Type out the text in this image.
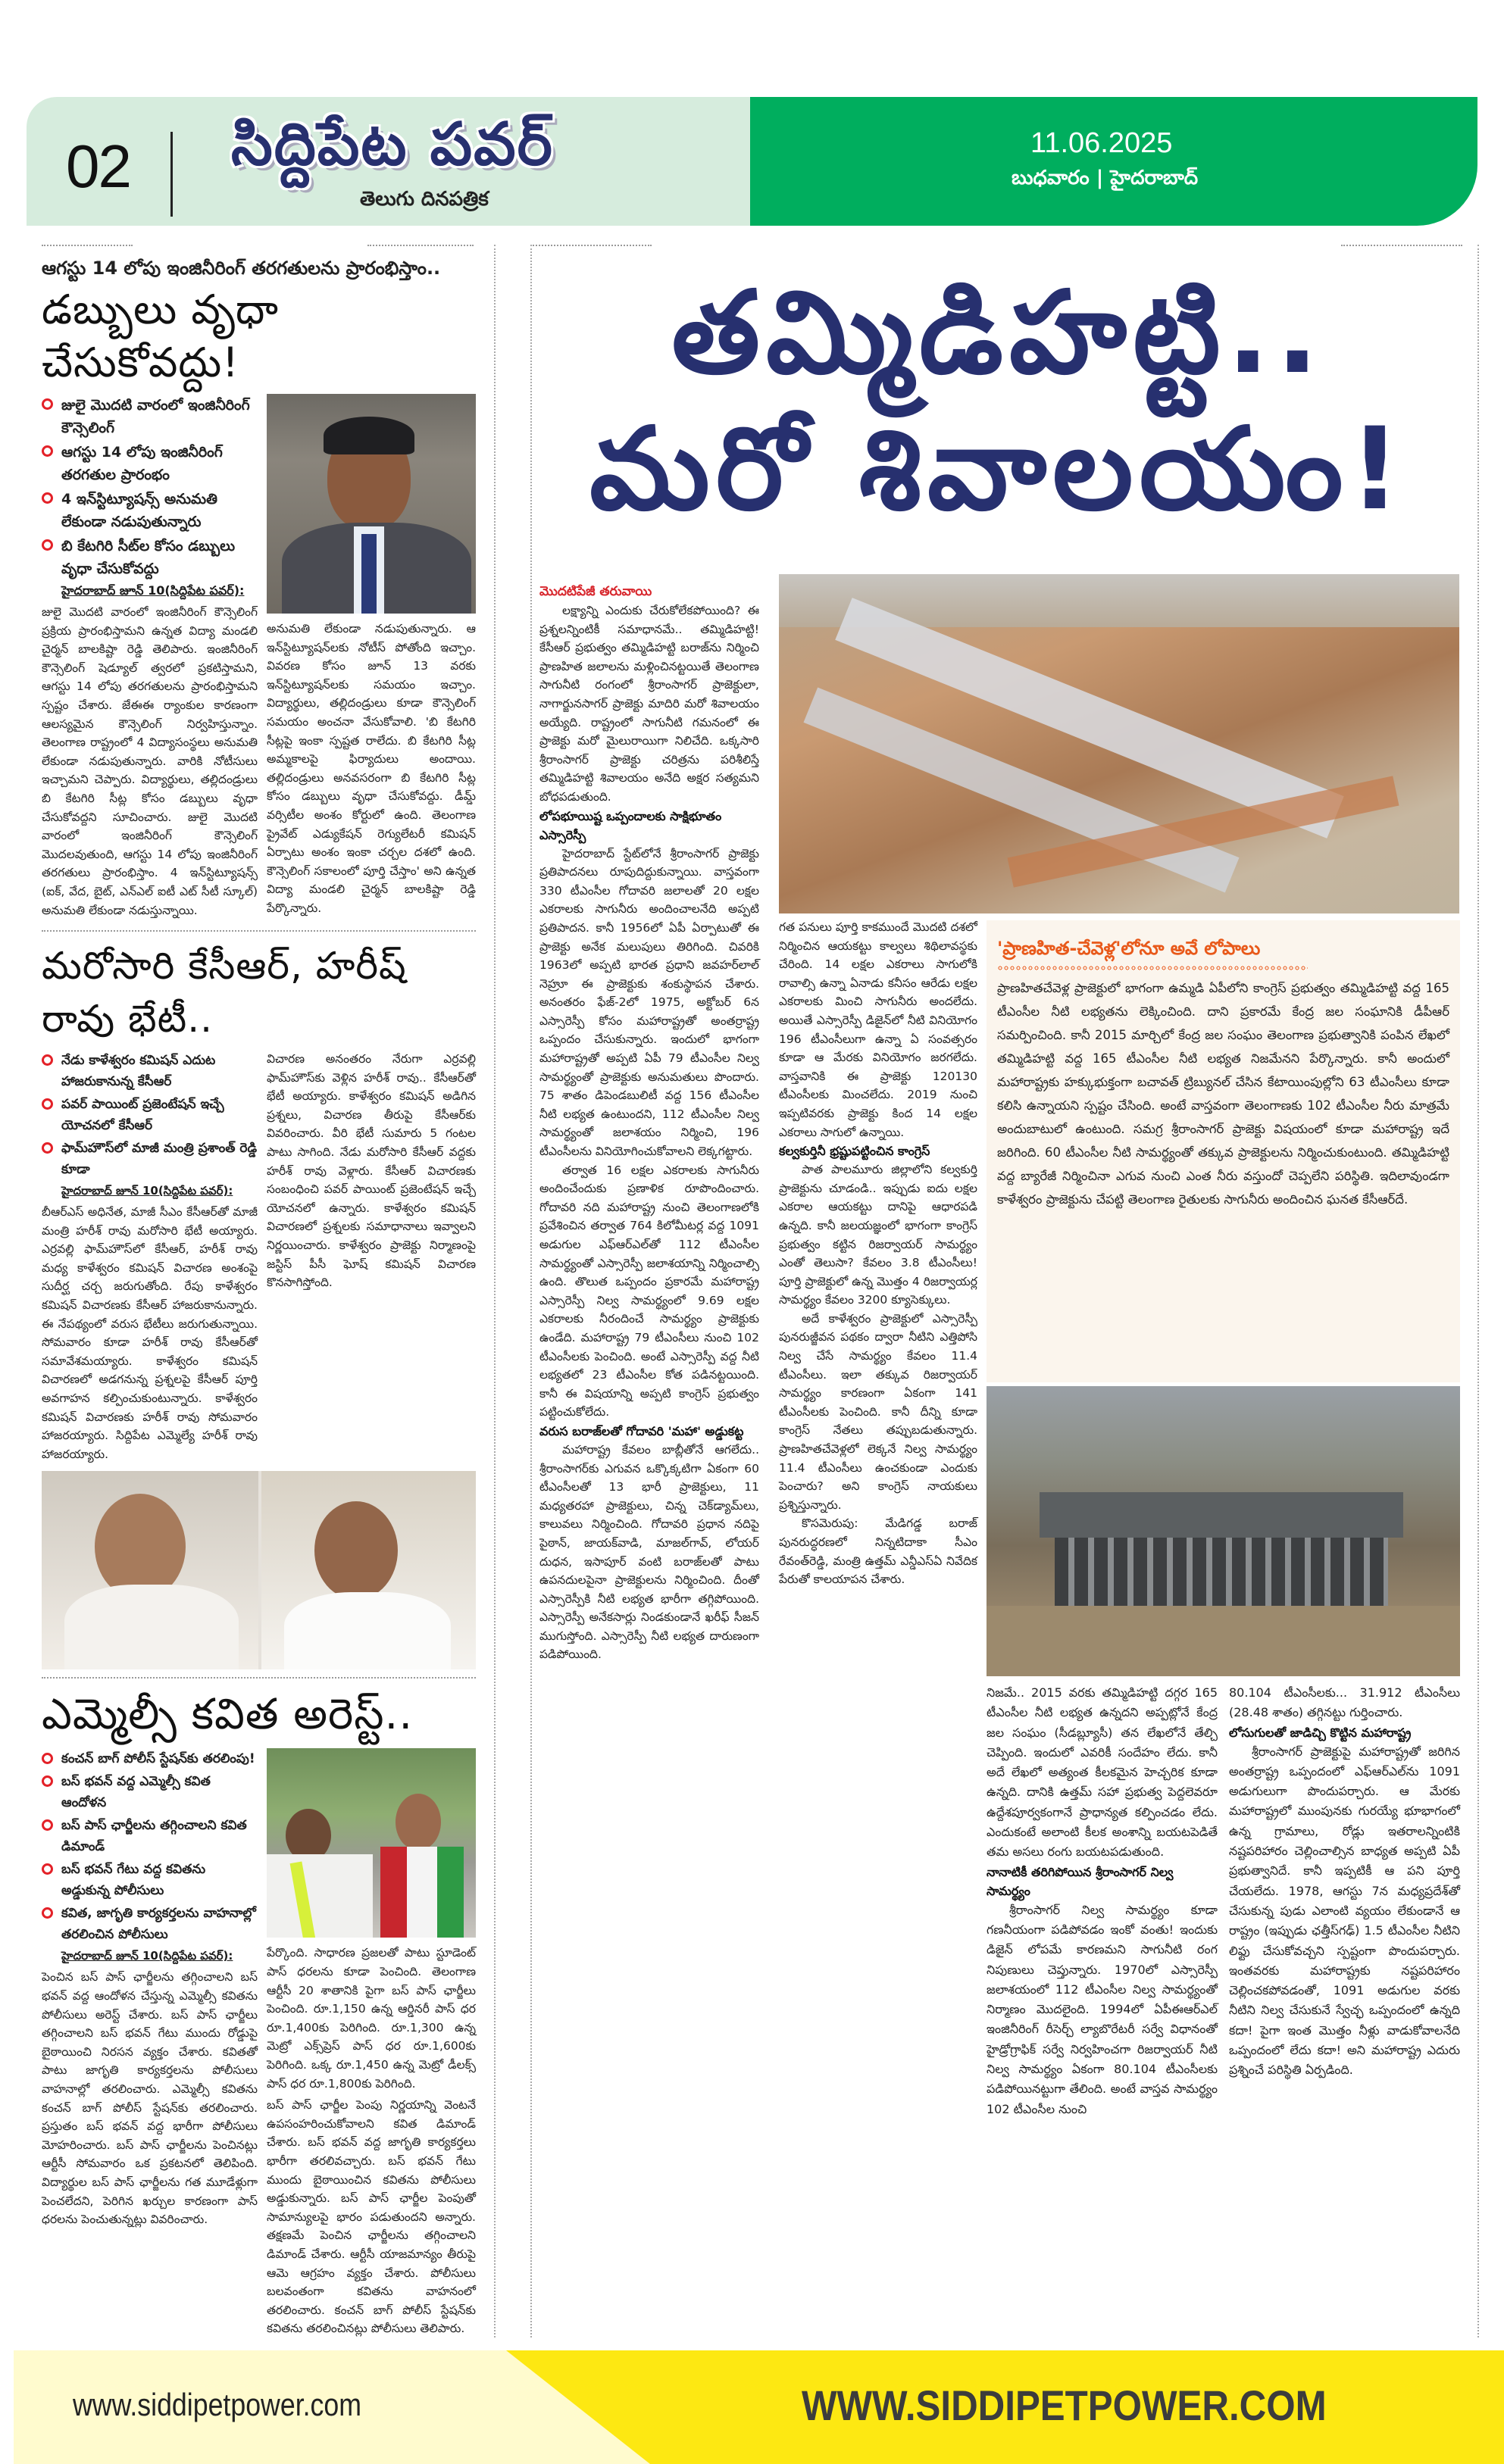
02 సిద్దిపేట పవర్
తెలుగు దినపత్రిక
11.06.2025
బుధవారం | హైదరాబాద్
ఆగస్టు 14 లోపు ఇంజినీరింగ్ తరగతులను ప్రారంభిస్తాం..
డబ్బులు వృధా చేసుకోవద్దు!
జులై మొదటి వారంలో ఇంజినీరింగ్ కౌన్సెలింగ్
ఆగస్టు 14 లోపు ఇంజినీరింగ్ తరగతుల ప్రారంభం
4 ఇన్‌స్టిట్యూషన్స్ అనుమతి లేకుండా నడుపుతున్నారు
బి కేటగిరి సీట్‌ల కోసం డబ్బులు వృధా చేసుకోవద్దు
హైదరాబాద్ జూన్ 10(సిద్దిపేట పవర్):
జులై మొదటి వారంలో ఇంజినీరింగ్ కౌన్సెలింగ్ ప్రక్రియ ప్రారంభిస్తామని ఉన్నత విద్యా మండలి చైర్మన్ బాలకిష్టా రెడ్డి తెలిపారు. ఇంజినీరింగ్ కౌన్సెలింగ్ షెడ్యూల్ త్వరలో ప్రకటిస్తామని, ఆగస్టు 14 లోపు తరగతులను ప్రారంభిస్తామని స్పష్టం చేశారు. జేఈఈ ర్యాంకుల కారణంగా ఆలస్యమైన కౌన్సెలింగ్ నిర్వహిస్తున్నాం. తెలంగాణ రాష్ట్రంలో 4 విద్యాసంస్థలు అనుమతి లేకుండా నడుపుతున్నారు. వారికి నోటీసులు ఇచ్చామని చెప్పారు. విద్యార్థులు, తల్లిదండ్రులు బి కేటగిరి సీట్ల కోసం డబ్బులు వృధా చేసుకోవద్దని సూచించారు. జులై మొదటి వారంలో ఇంజినీరింగ్ కౌన్సెలింగ్ మొదలవుతుంది, ఆగస్టు 14 లోపు ఇంజినీరింగ్ తరగతులు ప్రారంభిస్తాం. 4 ఇన్‌స్టిట్యూషన్స్ (ఐక్, వేద, బైట్, ఎన్‌ఎల్ ఐటీ ఎట్ సీటీ స్కూల్) అనుమతి లేకుండా నడుస్తున్నాయి.
అనుమతి లేకుండా నడుపుతున్నారు. ఆ ఇన్‌స్టిట్యూషన్‌లకు నోటీస్ పోతోంది ఇచ్చాం. వివరణ కోసం జూన్ 13 వరకు ఇన్‌స్టిట్యూషన్‌లకు సమయం ఇచ్చాం. విద్యార్థులు, తల్లిదండ్రులు కూడా కౌన్సెలింగ్ సమయం అంచనా వేసుకోవాలి. 'బి కేటగిరి సీట్లపై ఇంకా స్పష్టత రాలేదు. బి కేటగిరి సీట్ల అమ్మకాలపై ఫిర్యాదులు అందాయి. తల్లిదండ్రులు అనవసరంగా బి కేటగిరి సీట్ల కోసం డబ్బులు వృధా చేసుకోవద్దు. డీమ్డ్ వర్సిటీల అంశం కోర్టులో ఉంది. తెలంగాణ ప్రైవేట్ ఎడ్యుకేషన్ రెగ్యులేటరీ కమిషన్ ఏర్పాటు అంశం ఇంకా చర్చల దశలో ఉంది. కౌన్సెలింగ్ సకాలంలో పూర్తి చేస్తాం' అని ఉన్నత విద్యా మండలి చైర్మన్ బాలకిష్టా రెడ్డి పేర్కొన్నారు.
మరోసారి కేసీఆర్, హరీష్ రావు భేటీ..
నేడు కాళేశ్వరం కమిషన్ ఎదుట హాజరుకానున్న కేసీఆర్
పవర్ పాయింట్ ప్రజెంటేషన్ ఇచ్చే యోచనలో కేసీఆర్
ఫామ్‌హౌస్‌లో మాజీ మంత్రి ప్రశాంత్ రెడ్డి కూడా
హైదరాబాద్ జూన్ 10(సిద్దిపేట పవర్):
బీఆర్ఎస్ అధినేత, మాజీ సీఎం కేసీఆర్‌తో మాజీ మంత్రి హరీశ్ రావు మరోసారి భేటీ అయ్యారు. ఎర్రవల్లి ఫామ్‌హౌస్‌లో కేసీఆర్, హరీశ్ రావు మధ్య కాళేశ్వరం కమిషన్ విచారణ అంశంపై సుదీర్ఘ చర్చ జరుగుతోంది. రేపు కాళేశ్వరం కమిషన్ విచారణకు కేసీఆర్ హాజరుకానున్నారు. ఈ నేపథ్యంలో వరుస భేటీలు జరుగుతున్నాయి. సోమవారం కూడా హరీశ్ రావు కేసీఆర్‌తో సమావేశమయ్యారు. కాళేశ్వరం కమిషన్ విచారణలో అడగనున్న ప్రశ్నలపై కేసీఆర్ పూర్తి అవగాహన కల్పించుకుంటున్నారు. కాళేశ్వరం కమిషన్ విచారణకు హరీశ్ రావు సోమవారం హాజరయ్యారు. సిద్దిపేట ఎమ్మెల్యే హరీశ్ రావు హాజరయ్యారు.
విచారణ అనంతరం నేరుగా ఎర్రవల్లి ఫామ్‌హౌస్‌కు వెళ్లిన హరీశ్ రావు.. కేసీఆర్‌తో భేటీ అయ్యారు. కాళేశ్వరం కమిషన్ అడిగిన ప్రశ్నలు, విచారణ తీరుపై కేసీఆర్‌కు వివరించారు. వీరి భేటీ సుమారు 5 గంటల పాటు సాగింది. నేడు మరోసారి కేసీఆర్ వద్దకు హరీశ్ రావు వెళ్లారు. కేసీఆర్ విచారణకు సంబంధించి పవర్ పాయింట్ ప్రజెంటేషన్ ఇచ్చే యోచనలో ఉన్నారు. కాళేశ్వరం కమిషన్ విచారణలో ప్రశ్నలకు సమాధానాలు ఇవ్వాలని నిర్ణయించారు. కాళేశ్వరం ప్రాజెక్టు నిర్మాణంపై జస్టిస్ పీసీ ఘోష్ కమిషన్ విచారణ కొనసాగిస్తోంది.
ఎమ్మెల్సీ కవిత అరెస్ట్..
కంచన్ బాగ్ పోలీస్ స్టేషన్‌కు తరలింపు!
బస్ భవన్ వద్ద ఎమ్మెల్సీ కవిత ఆందోళన
బస్ పాస్ ఛార్జీలను తగ్గించాలని కవిత డిమాండ్
బస్ భవన్ గేటు వద్ద కవితను అడ్డుకున్న పోలీసులు
కవిత, జాగృతి కార్యకర్తలను వాహనాల్లో తరలించిన పోలీసులు
హైదరాబాద్ జూన్ 10(సిద్దిపేట పవర్):
పెంచిన బస్ పాస్ ఛార్జీలను తగ్గించాలని బస్ భవన్ వద్ద ఆందోళన చేస్తున్న ఎమ్మెల్సీ కవితను పోలీసులు అరెస్ట్ చేశారు. బస్ పాస్ ఛార్జీలు తగ్గించాలని బస్ భవన్ గేటు ముందు రోడ్డుపై బైఠాయించి నిరసన వ్యక్తం చేశారు. కవితతో పాటు జాగృతి కార్యకర్తలను పోలీసులు వాహనాల్లో తరలించారు. ఎమ్మెల్సీ కవితను కంచన్ బాగ్ పోలీస్ స్టేషన్‌కు తరలించారు. ప్రస్తుతం బస్ భవన్ వద్ద భారీగా పోలీసులు మోహరించారు. బస్ పాస్ ఛార్జీలను పెంచినట్లు ఆర్టీసీ సోమవారం ఒక ప్రకటనలో తెలిపింది. విద్యార్థుల బస్ పాస్ ఛార్జీలను గత మూడేళ్లుగా పెంచలేదని, పెరిగిన ఖర్చుల కారణంగా పాస్ ధరలను పెంచుతున్నట్లు వివరించారు.
పేర్కొంది. సాధారణ ప్రజలతో పాటు స్టూడెంట్ పాస్ ధరలను కూడా పెంచింది. తెలంగాణ ఆర్టీసీ 20 శాతానికి పైగా బస్ పాస్ ఛార్జీలు పెంచింది. రూ.1,150 ఉన్న ఆర్డినరీ పాస్ ధర రూ.1,400కు పెరిగింది. రూ.1,300 ఉన్న మెట్రో ఎక్స్‌ప్రెస్ పాస్ ధర రూ.1,600కు పెరిగింది. ఒక్క రూ.1,450 ఉన్న మెట్రో డీలక్స్ పాస్ ధర రూ.1,800కు పెరిగింది.
బస్ పాస్ ఛార్జీల పెంపు నిర్ణయాన్ని వెంటనే ఉపసంహరించుకోవాలని కవిత డిమాండ్ చేశారు. బస్ భవన్ వద్ద జాగృతి కార్యకర్తలు భారీగా తరలివచ్చారు. బస్ భవన్ గేటు ముందు బైఠాయించిన కవితను పోలీసులు అడ్డుకున్నారు. బస్ పాస్ ఛార్జీల పెంపుతో సామాన్యులపై భారం పడుతుందని అన్నారు. తక్షణమే పెంచిన ఛార్జీలను తగ్గించాలని డిమాండ్ చేశారు. ఆర్టీసీ యాజమాన్యం తీరుపై ఆమె ఆగ్రహం వ్యక్తం చేశారు. పోలీసులు బలవంతంగా కవితను వాహనంలో తరలించారు. కంచన్ బాగ్ పోలీస్ స్టేషన్‌కు కవితను తరలించినట్లు పోలీసులు తెలిపారు.
తమ్మిడిహట్టి..
మరో శివాలయం!
మొదటిపేజీ తరువాయి
లక్ష్యాన్ని ఎందుకు చేరుకోలేకపోయింది? ఈ ప్రశ్నలన్నింటికీ సమాధానమే.. తమ్మిడిహట్టి! కేసీఆర్ ప్రభుత్వం తమ్మిడిహట్టి బరాజ్‌ను నిర్మించి ప్రాణహిత జలాలను మళ్లించినట్టయితే తెలంగాణ సాగునీటి రంగంలో శ్రీరాంసాగర్ ప్రాజెక్టులా, నాగార్జునసాగర్ ప్రాజెక్టు మాదిరి మరో శివాలయం అయ్యేది. రాష్ట్రంలో సాగునీటి గమనంలో ఈ ప్రాజెక్టు మరో మైలురాయిగా నిలిచేది. ఒక్కసారి శ్రీరాంసాగర్ ప్రాజెక్టు చరిత్రను పరిశీలిస్తే తమ్మిడిహట్టి శివాలయం అనేది అక్షర సత్యమని బోధపడుతుంది.
లోపభూయిష్ట ఒప్పందాలకు సాక్షిభూతం ఎస్సారెస్పీ
హైదరాబాద్ స్టేట్‌లోనే శ్రీరాంసాగర్ ప్రాజెక్టు ప్రతిపాదనలు రూపుదిద్దుకున్నాయి. వాస్తవంగా 330 టీఎంసీల గోదావరి జలాలతో 20 లక్షల ఎకరాలకు సాగునీరు అందించాలనేది అప్పటి ప్రతిపాదన. కానీ 1956లో ఏపీ ఏర్పాటుతో ఈ ప్రాజెక్టు అనేక మలుపులు తిరిగింది. చివరికి 1963లో అప్పటి భారత ప్రధాని జవహర్‌లాల్ నెహ్రూ ఈ ప్రాజెక్టుకు శంకుస్థాపన చేశారు. అనంతరం ఫేజ్-2లో 1975, అక్టోబర్ 6న ఎస్సారెస్పీ కోసం మహారాష్ట్రతో అంతర్రాష్ట్ర ఒప్పందం చేసుకున్నారు. ఇందులో భాగంగా మహారాష్ట్రతో అప్పటి ఏపీ 79 టీఎంసీల నిల్వ సామర్థ్యంతో ప్రాజెక్టుకు అనుమతులు పొందారు. 75 శాతం డిపెండబులిటీ వద్ద 156 టీఎంసీల నీటి లభ్యత ఉంటుందని, 112 టీఎంసీల నిల్వ సామర్థ్యంతో జలాశయం నిర్మించి, 196 టీఎంసీలను వినియోగించుకోవాలని లెక్కగట్టారు.
తర్వాత 16 లక్షల ఎకరాలకు సాగునీరు అందించేందుకు ప్రణాళిక రూపొందించారు. గోదావరి నది మహారాష్ట్ర నుంచి తెలంగాణలోకి ప్రవేశించిన తర్వాత 764 కిలోమీటర్ల వద్ద 1091 అడుగుల ఎఫ్ఆర్ఎల్‌తో 112 టీఎంసీల సామర్థ్యంతో ఎస్సారెస్పీ జలాశయాన్ని నిర్మించాల్సి ఉంది. తొలుత ఒప్పందం ప్రకారమే మహారాష్ట్ర ఎస్సారెస్పీ నిల్వ సామర్థ్యంలో 9.69 లక్షల ఎకరాలకు నీరందించే సామర్థ్యం ప్రాజెక్టుకు ఉండేది. మహారాష్ట్ర 79 టీఎంసీలు నుంచి 102 టీఎంసీలకు పెంచింది. అంటే ఎస్సారెస్పీ వద్ద నీటి లభ్యతలో 23 టీఎంసీల కోత పడినట్టయింది. కానీ ఈ విషయాన్ని అప్పటి కాంగ్రెస్ ప్రభుత్వం పట్టించుకోలేదు.
వరుస బరాజ్‌లతో గోదావరి 'మహా' అడ్డుకట్ట
మహారాష్ట్ర కేవలం బాబ్లీతోనే ఆగలేదు.. శ్రీరాంసాగర్‌కు ఎగువన ఒక్కొక్కటిగా ఏకంగా 60 టీఎంసీలతో 13 భారీ ప్రాజెక్టులు, 11 మధ్యతరహా ప్రాజెక్టులు, చిన్న చెక్‌డ్యామ్‌లు, కాలువలు నిర్మించింది. గోదావరి ప్రధాన నదిపై పైఠాన్, జాయక్‌వాడి, మాజల్‌గావ్, లోయర్ దుధన, ఇసాపూర్ వంటి బరాజ్‌లతో పాటు ఉపనదులపైనా ప్రాజెక్టులను నిర్మించింది. దీంతో ఎస్సారెస్పీకి నీటి లభ్యత భారీగా తగ్గిపోయింది. ఎస్సారెస్పీ అనేకసార్లు నిండకుండానే ఖరీఫ్ సీజన్ ముగుస్తోంది. ఎస్సారెస్పీ నీటి లభ్యత దారుణంగా పడిపోయింది.
గత పనులు పూర్తి కాకముందే మొదటి దశలో నిర్మించిన ఆయకట్టు కాల్వలు శిథిలావస్థకు చేరింది. 14 లక్షల ఎకరాలు సాగులోకి రావాల్సి ఉన్నా ఏనాడు కనీసం ఆరేడు లక్షల ఎకరాలకు మించి సాగునీరు అందలేదు. అయితే ఎస్సారెస్పీ డిజైన్‌లో నీటి వినియోగం 196 టీఎంసీలుగా ఉన్నా ఏ సంవత్సరం కూడా ఆ మేరకు వినియోగం జరగలేదు. వాస్తవానికి ఈ ప్రాజెక్టు 120130 టీఎంసీలకు మించలేదు. 2019 నుంచి ఇప్పటివరకు ప్రాజెక్టు కింద 14 లక్షల ఎకరాలు సాగులో ఉన్నాయి.
కల్వకుర్తినీ భ్రష్టుపట్టించిన కాంగ్రెస్
పాత పాలమూరు జిల్లాలోని కల్వకుర్తి ప్రాజెక్టును చూడండి.. ఇప్పుడు ఐదు లక్షల ఎకరాల ఆయకట్టు దానిపై ఆధారపడి ఉన్నది. కానీ జలయజ్ఞంలో భాగంగా కాంగ్రెస్ ప్రభుత్వం కట్టిన రిజర్వాయర్ సామర్థ్యం ఎంతో తెలుసా? కేవలం 3.8 టీఎంసీలు! పూర్తి ప్రాజెక్టులో ఉన్న మొత్తం 4 రిజర్వాయర్ల సామర్థ్యం కేవలం 3200 క్యూసెక్కులు.
అదే కాళేశ్వరం ప్రాజెక్టులో ఎస్సారెస్పీ పునరుజ్జీవన పథకం ద్వారా నీటిని ఎత్తిపోసి నిల్వ చేసే సామర్థ్యం కేవలం 11.4 టీఎంసీలు. ఇలా తక్కువ రిజర్వాయర్ సామర్థ్యం కారణంగా ఏకంగా 141 టీఎంసీలకు పెంచింది. కానీ దీన్ని కూడా కాంగ్రెస్ నేతలు తప్పుబడుతున్నారు. ప్రాణహితచేవెళ్లలో లెక్కనే నిల్వ సామర్థ్యం 11.4 టీఎంసీలు ఉంచకుండా ఎందుకు పెంచారు? అని కాంగ్రెస్ నాయకులు ప్రశ్నిస్తున్నారు.
కొసమెరుపు: మేడిగడ్డ బరాజ్ పునరుద్ధరణలో నిన్నటిదాకా సీఎం రేవంత్‌రెడ్డి, మంత్రి ఉత్తమ్ ఎన్డీఎస్ఏ నివేదిక పేరుతో కాలయాపన చేశారు.
'ప్రాణహిత-చేవెళ్ల'లోనూ అవే లోపాలు
ప్రాణహితచేవెళ్ల ప్రాజెక్టులో భాగంగా ఉమ్మడి ఏపీలోని కాంగ్రెస్ ప్రభుత్వం తమ్మిడిహట్టి వద్ద 165 టీఎంసీల నీటి లభ్యతను లెక్కించింది. దాని ప్రకారమే కేంద్ర జల సంఘానికి డీపీఆర్ సమర్పించింది. కానీ 2015 మార్చిలో కేంద్ర జల సంఘం తెలంగాణ ప్రభుత్వానికి పంపిన లేఖలో తమ్మిడిహట్టి వద్ద 165 టీఎంసీల నీటి లభ్యత నిజమేనని పేర్కొన్నారు. కానీ అందులో మహారాష్ట్రకు హక్కుభుక్తంగా బచావత్ ట్రిబ్యునల్ చేసిన కేటాయింపుల్లోని 63 టీఎంసీలు కూడా కలిసి ఉన్నాయని స్పష్టం చేసింది. అంటే వాస్తవంగా తెలంగాణకు 102 టీఎంసీల నీరు మాత్రమే అందుబాటులో ఉంటుంది. సమగ్ర శ్రీరాంసాగర్ ప్రాజెక్టు విషయంలో కూడా మహారాష్ట్ర ఇదే జరిగింది. 60 టీఎంసీల నీటి సామర్థ్యంతో తక్కువ ప్రాజెక్టులను నిర్మించుకుంటుంది. తమ్మిడిహట్టి వద్ద బ్యారేజీ నిర్మించినా ఎగువ నుంచి ఎంత నీరు వస్తుందో చెప్పలేని పరిస్థితి. ఇదిలావుండగా కాళేశ్వరం ప్రాజెక్టును చేపట్టి తెలంగాణ రైతులకు సాగునీరు అందించిన ఘనత కేసీఆర్‌దే.
నిజమే.. 2015 వరకు తమ్మిడిహట్టి దగ్గర 165 టీఎంసీల నీటి లభ్యత ఉన్నదని అప్పట్లోనే కేంద్ర జల సంఘం (సీడబ్ల్యూసీ) తన లేఖలోనే తేల్చి చెప్పింది. ఇందులో ఎవరికీ సందేహం లేదు. కానీ అదే లేఖలో అత్యంత కీలకమైన హెచ్చరిక కూడా ఉన్నది. దానికి ఉత్తమ్ సహా ప్రభుత్వ పెద్దలెవరూ ఉద్దేశపూర్వకంగానే ప్రాధాన్యత కల్పించడం లేదు. ఎందుకంటే అలాంటి కీలక అంశాన్ని బయటపెడితే తమ అసలు రంగు బయటపడుతుంది.
నానాటికీ తరిగిపోయిన శ్రీరాంసాగర్ నిల్వ సామర్థ్యం
శ్రీరాంసాగర్ నిల్వ సామర్థ్యం కూడా గణనీయంగా పడిపోవడం ఇంకో వంతు! ఇందుకు డిజైన్ లోపమే కారణమని సాగునీటి రంగ నిపుణులు చెప్తున్నారు. 1970లో ఎస్సారెస్పీ జలాశయంలో 112 టీఎంసీల నిల్వ సామర్థ్యంతో నిర్మాణం మొదలైంది. 1994లో ఏపీఈఆర్ఎల్ ఇంజినీరింగ్ రీసెర్చ్ ల్యాబొరేటరీ సర్వే విధానంతో హైడ్రోగ్రాఫిక్ సర్వే నిర్వహించగా రిజర్వాయర్ నీటి నిల్వ సామర్థ్యం ఏకంగా 80.104 టీఎంసీలకు పడిపోయినట్టుగా తేలింది. అంటే వాస్తవ సామర్థ్యం 102 టీఎంసీల నుంచి
80.104 టీఎంసీలకు... 31.912 టీఎంసీలు (28.48 శాతం) తగ్గినట్టు గుర్తించారు.
లోసుగులతో జాడిచ్చి కొట్టిన మహారాష్ట్ర
శ్రీరాంసాగర్ ప్రాజెక్టుపై మహారాష్ట్రతో జరిగిన అంతర్రాష్ట్ర ఒప్పందంలో ఎఫ్ఆర్ఎల్‌ను 1091 అడుగులుగా పొందుపర్చారు. ఆ మేరకు మహారాష్ట్రలో ముంపునకు గురయ్యే భూభాగంలో ఉన్న గ్రామాలు, రోడ్లు ఇతరాలన్నింటికి నష్టపరిహారం చెల్లించాల్సిన బాధ్యత అప్పటి ఏపీ ప్రభుత్వానిదే. కానీ ఇప్పటికీ ఆ పని పూర్తి చేయలేదు. 1978, ఆగస్టు 7న మధ్యప్రదేశ్‌తో చేసుకున్న పుడు ఎలాంటి వ్యయం లేకుండానే ఆ రాష్ట్రం (ఇప్పుడు ఛత్తీస్‌గఢ్) 1.5 టీఎంసీల నీటిని లిఫ్టు చేసుకోవచ్చని స్పష్టంగా పొందుపర్చారు. ఇంతవరకు మహారాష్ట్రకు నష్టపరిహారం చెల్లించకపోవడంతో, 1091 అడుగుల వరకు నీటిని నిల్వ చేసుకునే స్వేచ్ఛ ఒప్పందంలో ఉన్నది కదా! పైగా ఇంత మొత్తం నీళ్లు వాడుకోవాలనేది ఒప్పందంలో లేదు కదా! అని మహారాష్ట్ర ఎదురు ప్రశ్నించే పరిస్థితి ఏర్పడింది.
www.siddipetpower.com	WWW.SIDDIPETPOWER.COM
